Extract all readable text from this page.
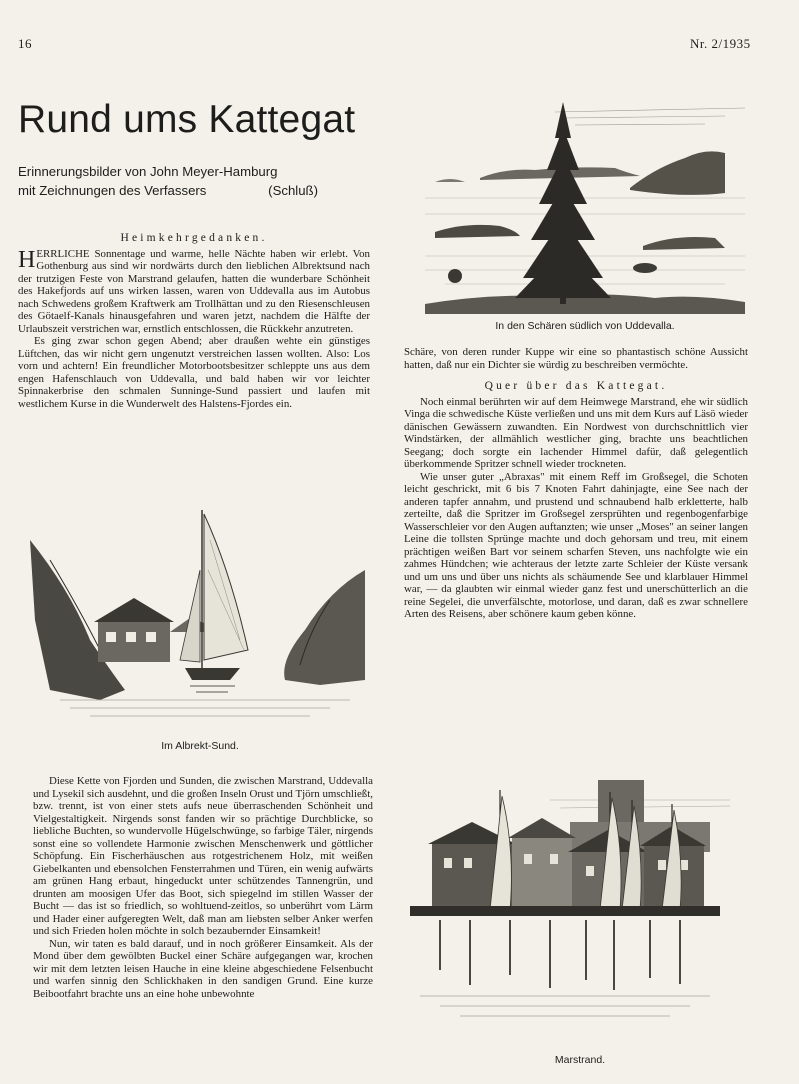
16	Nr. 2/1935
Rund ums Kattegat
Erinnerungsbilder von John Meyer-Hamburg
mit Zeichnungen des Verfassers	(Schluß)
Heimkehrgedanken.

HERRLICHE Sonnentage und warme, helle Nächte haben wir erlebt. Von Gothenburg aus sind wir nordwärts durch den lieblichen Albrektsund nach der trutzigen Feste von Marstrand gelaufen, hatten die wunderbare Schönheit des Hakefjords auf uns wirken lassen, waren von Uddevalla aus im Autobus nach Schwedens großem Kraftwerk am Trollhättan und zu den Riesenschleusen des Götaelf-Kanals hinausgefahren und waren jetzt, nachdem die Hälfte der Urlaubszeit verstrichen war, ernstlich entschlossen, die Rückkehr anzutreten.

Es ging zwar schon gegen Abend; aber draußen wehte ein günstiges Lüftchen, das wir nicht gern ungenutzt verstreichen lassen wollten. Also: Los vorn und achtern! Ein freundlicher Motorbootsbesitzer schleppte uns aus dem engen Hafenschlauch von Uddevalla, und bald haben wir vor leichter Spinnakerbrise den schmalen Sunninge-Sund passiert und laufen mit westlichem Kurse in die Wunderwelt des Halstens-Fjordes ein.

In den Schären südlich von Uddevalla.

Schäre, von deren runder Kuppe wir eine so phantastisch schöne Aussicht hatten, daß nur ein Dichter sie würdig zu beschreiben vermöchte.

Quer über das Kattegat.

Noch einmal berührten wir auf dem Heimwege Marstrand, ehe wir südlich Vinga die schwedische Küste verließen und uns mit dem Kurs auf Läsö wieder dänischen Gewässern zuwandten. Ein Nordwest von durchschnittlich vier Windstärken, der allmählich westlicher ging, brachte uns beachtlichen Seegang; doch sorgte ein lachender Himmel dafür, daß gelegentlich überkommende Spritzer schnell wieder trockneten.

Wie unser guter „Abraxas" mit einem Reff im Großsegel, die Schoten leicht geschrickt, mit 6 bis 7 Knoten Fahrt dahinjagte, eine See nach der anderen tapfer annahm, und prustend und schnaubend halb erkletterte, halb zerteilte, daß die Spritzer im Großsegel zersprühten und regenbogenfarbige Wasserschleier vor den Augen auftanzten; wie unser „Moses" an seiner langen Leine die tollsten Sprünge machte und doch gehorsam und treu, mit einem prächtigen weißen Bart vor seinem scharfen Steven, uns nachfolgte wie ein zahmes Hündchen; wie achteraus der letzte zarte Schleier der Küste versank und um uns und über uns nichts als schäumende See und klarblauer Himmel war, — da glaubten wir einmal wieder ganz fest und unerschütterlich an die reine Segelei, die unverfälschte, motorlose, und daran, daß es zwar schnellere Arten des Reisens, aber schönere kaum geben könne.

Im Albrekt-Sund.

Diese Kette von Fjorden und Sunden, die zwischen Marstrand, Uddevalla und Lysekil sich ausdehnt, und die großen Inseln Orust und Tjörn umschließt, bzw. trennt, ist von einer stets aufs neue überraschenden Schönheit und Vielgestaltigkeit. Nirgends sonst fanden wir so prächtige Durchblicke, so liebliche Buchten, so wundervolle Hügelschwünge, so farbige Täler, nirgends sonst eine so vollendete Harmonie zwischen Menschenwerk und göttlicher Schöpfung. Ein Fischerhäuschen aus rotgestrichenem Holz, mit weißen Giebelkanten und ebensolchen Fensterrahmen und Türen, ein wenig aufwärts am grünen Hang erbaut, hingeduckt unter schützendes Tannengrün, und drunten am moosigen Ufer das Boot, sich spiegelnd im stillen Wasser der Bucht — das ist so friedlich, so wohltuend-zeitlos, so unberührt vom Lärm und Hader einer aufgeregten Welt, daß man am liebsten selber Anker werfen und sich Frieden holen möchte in solch bezaubernder Einsamkeit!

Nun, wir taten es bald darauf, und in noch größerer Einsamkeit. Als der Mond über dem gewölbten Buckel einer Schäre aufgegangen war, krochen wir mit dem letzten leisen Hauche in eine kleine abgeschiedene Felsenbucht und warfen sinnig den Schlickhaken in den sandigen Grund. Eine kurze Beibootfahrt brachte uns an eine hohe unbewohnte

Marstrand.
